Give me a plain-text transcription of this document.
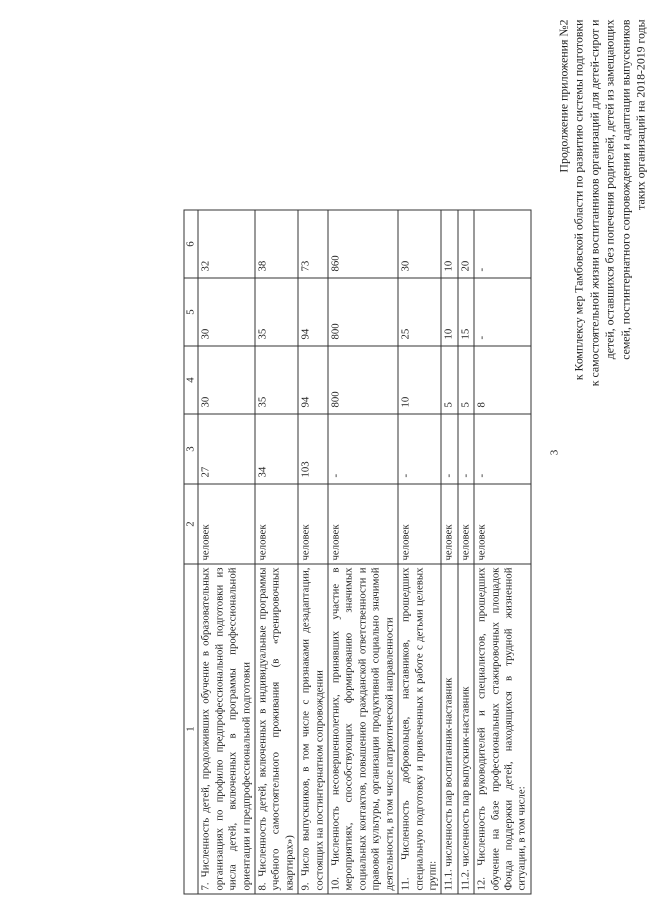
3
Продолжение приложения №2 к Комплексу мер Тамбовской области по развитию системы подготовки к самостоятельной жизни воспитанников организаций для детей-сирот и детей, оставшихся без попечения родителей, детей из замещающих семей, постинтернатного сопровождения и адаптации выпускников таких организаций на 2018-2019 годы
1	2	3	4	5	6
7. Численность детей, продолживших обучение в образовательных организациях по профилю предпрофессиональной подготовки из числа детей, включенных в программы профессиональной ориентации и предпрофессиональной подготовки	человек	27	30	30	32
8. Численность детей, включенных в индивидуальные программы учебного самостоятельного проживания (в «тренировочных квартирах»)	человек	34	35	35	38
9. Число выпускников, в том числе с признаками дезадаптации, состоящих на постинтернатном сопровождении	человек	103	94	94	73
10. Численность несовершеннолетних, принявших участие в мероприятиях, способствующих формированию значимых социальных контактов, повышению гражданской ответственности и правовой культуры, организации продуктивной социально значимой деятельности, в том числе патриотической направленности	человек	-	800	800	860
11. Численность добровольцев, наставников, прошедших специальную подготовку и привлеченных к работе с детьми целевых групп:	человек	-	10	25	30
11.1. численность пар воспитанник-наставник	человек	-	5	10	10
11.2. численность пар выпускник-наставник	человек	-	5	15	20
12. Численность руководителей и специалистов, прошедших обучение на базе профессиональных стажировочных площадок Фонда поддержки детей, находящихся в трудной жизненной ситуации, в том числе:	человек	-	8	-	-
